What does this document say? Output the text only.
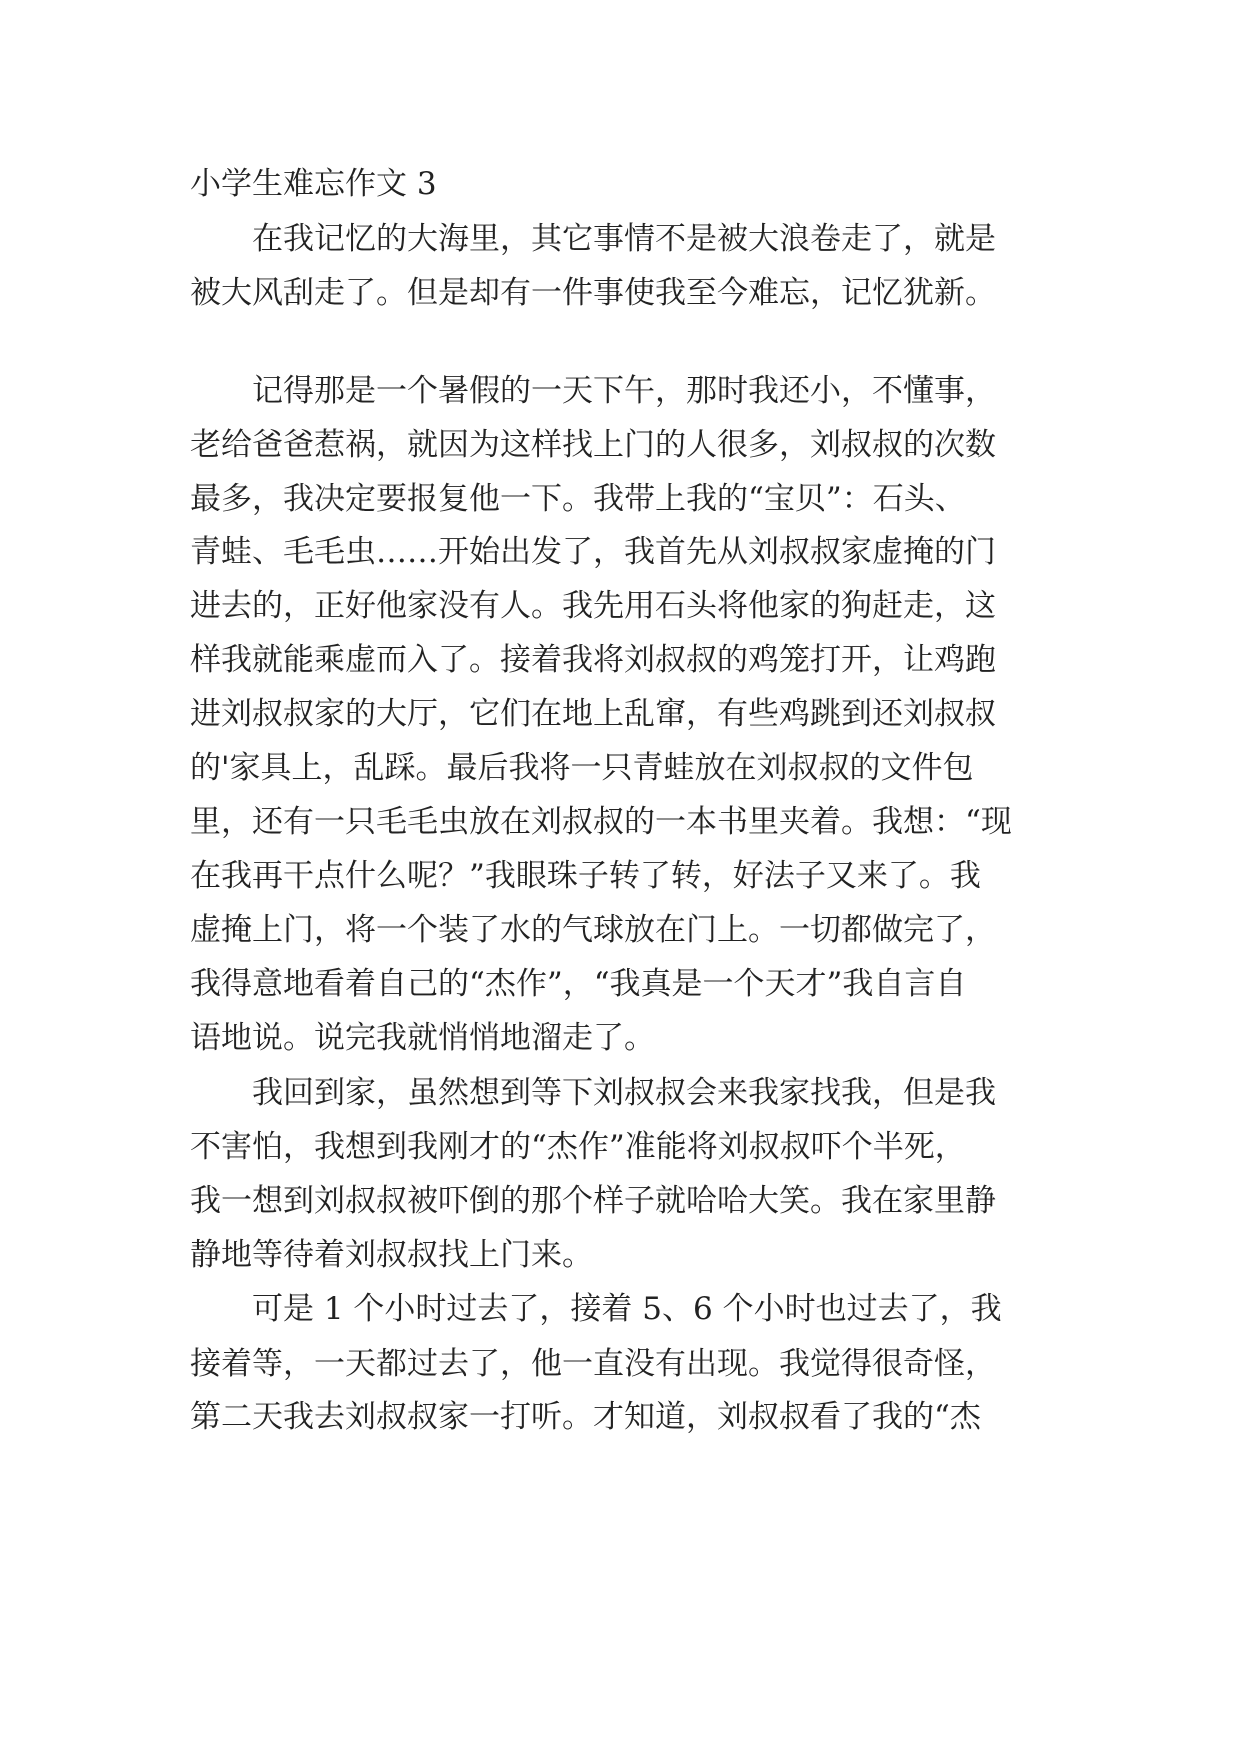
小学生难忘作文 3
　　在我记忆的大海里，其它事情不是被大浪卷走了，就是
被大风刮走了。但是却有一件事使我至今难忘，记忆犹新。
　　记得那是一个暑假的一天下午，那时我还小，不懂事，
老给爸爸惹祸，就因为这样找上门的人很多，刘叔叔的次数
最多，我决定要报复他一下。我带上我的“宝贝”：石头、
青蛙、毛毛虫……开始出发了，我首先从刘叔叔家虚掩的门
进去的，正好他家没有人。我先用石头将他家的狗赶走，这
样我就能乘虚而入了。接着我将刘叔叔的鸡笼打开，让鸡跑
进刘叔叔家的大厅，它们在地上乱窜，有些鸡跳到还刘叔叔
的'家具上，乱踩。最后我将一只青蛙放在刘叔叔的文件包
里，还有一只毛毛虫放在刘叔叔的一本书里夹着。我想：“现
在我再干点什么呢？”我眼珠子转了转，好法子又来了。我
虚掩上门，将一个装了水的气球放在门上。一切都做完了，
我得意地看着自己的“杰作”，“我真是一个天才”我自言自
语地说。说完我就悄悄地溜走了。
　　我回到家，虽然想到等下刘叔叔会来我家找我，但是我
不害怕，我想到我刚才的“杰作”准能将刘叔叔吓个半死，
我一想到刘叔叔被吓倒的那个样子就哈哈大笑。我在家里静
静地等待着刘叔叔找上门来。
　　可是 1 个小时过去了，接着 5、6 个小时也过去了，我
接着等，一天都过去了，他一直没有出现。我觉得很奇怪，
第二天我去刘叔叔家一打听。才知道，刘叔叔看了我的“杰
